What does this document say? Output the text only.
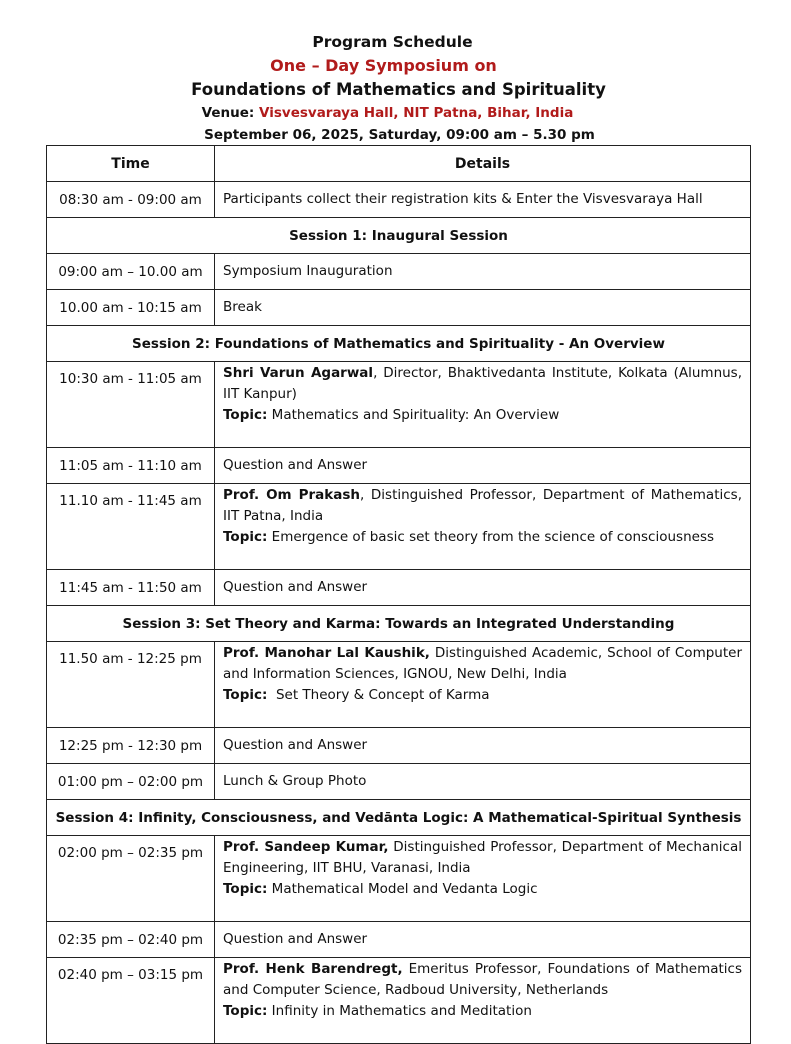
Program Schedule
One – Day Symposium on
Foundations of Mathematics and Spirituality
Venue: Visvesvaraya Hall, NIT Patna, Bihar, India
September 06, 2025, Saturday, 09:00 am – 5.30 pm
Time	Details
08:30 am - 09:00 am	Participants collect their registration kits & Enter the Visvesvaraya Hall
Session 1: Inaugural Session	
09:00 am – 10.00 am	Symposium Inauguration
10.00 am - 10:15 am	Break
Session 2: Foundations of Mathematics and Spirituality - An Overview	
10:30 am - 11:05 am	Shri Varun Agarwal, Director, Bhaktivedanta Institute, Kolkata (Alumnus, IIT Kanpur)
Topic: Mathematics and Spirituality: An Overview
11:05 am - 11:10 am	Question and Answer
11.10 am - 11:45 am	Prof. Om Prakash, Distinguished Professor, Department of Mathematics, IIT Patna, India
Topic: Emergence of basic set theory from the science of consciousness
11:45 am - 11:50 am	Question and Answer
Session 3: Set Theory and Karma: Towards an Integrated Understanding	
11.50 am - 12:25 pm	Prof. Manohar Lal Kaushik, Distinguished Academic, School of Computer and Information Sciences, IGNOU, New Delhi, India
Topic:  Set Theory & Concept of Karma
12:25 pm - 12:30 pm	Question and Answer
01:00 pm – 02:00 pm	Lunch & Group Photo
Session 4: Infinity, Consciousness, and Vedānta Logic: A Mathematical-Spiritual Synthesis	
02:00 pm – 02:35 pm	Prof. Sandeep Kumar, Distinguished Professor, Department of Mechanical Engineering, IIT BHU, Varanasi, India
Topic: Mathematical Model and Vedanta Logic
02:35 pm – 02:40 pm	Question and Answer
02:40 pm – 03:15 pm	Prof. Henk Barendregt, Emeritus Professor, Foundations of Mathematics and Computer Science, Radboud University, Netherlands
Topic: Infinity in Mathematics and Meditation
